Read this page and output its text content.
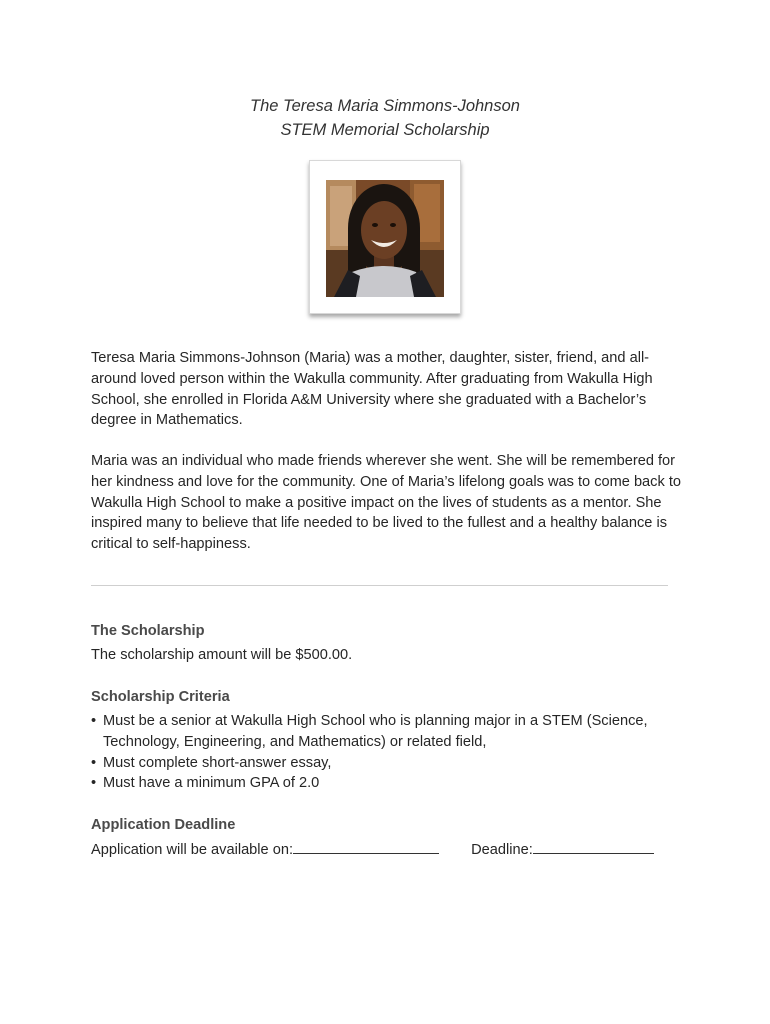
The Teresa Maria Simmons-Johnson
STEM Memorial Scholarship

Teresa Maria Simmons-Johnson (Maria) was a mother, daughter, sister, friend, and all-around loved person within the Wakulla community. After graduating from Wakulla High School, she enrolled in Florida A&M University where she graduated with a Bachelor’s degree in Mathematics.

Maria was an individual who made friends wherever she went. She will be remembered for her kindness and love for the community. One of Maria’s lifelong goals was to come back to Wakulla High School to make a positive impact on the lives of students as a mentor. She inspired many to believe that life needed to be lived to the fullest and a healthy balance is critical to self-happiness.

The Scholarship
The scholarship amount will be $500.00.
Scholarship Criteria
• Must be a senior at Wakulla High School who is planning major in a STEM (Science, Technology, Engineering, and Mathematics) or related field,
• Must complete short-answer essay,
• Must have a minimum GPA of 2.0
Application Deadline
Application will be available on:	Deadline:
